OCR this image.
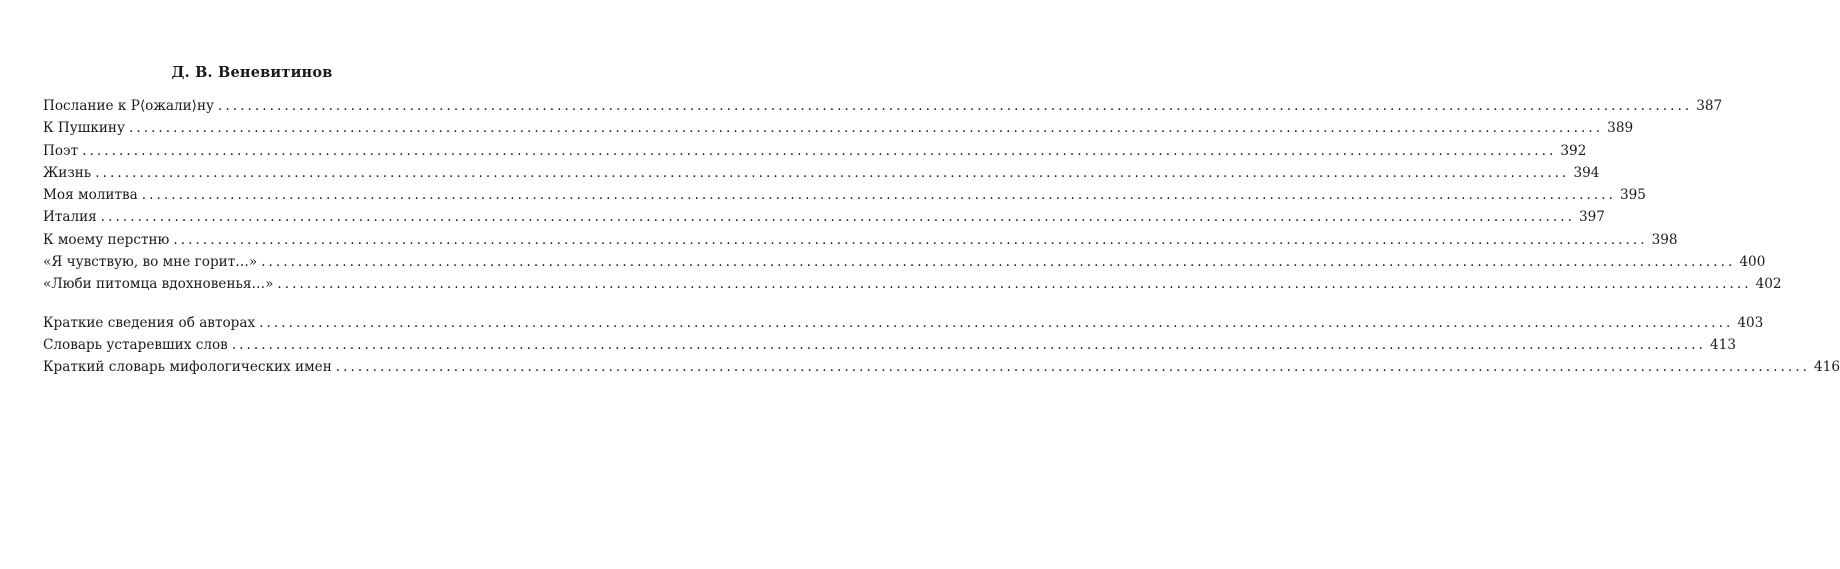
Д. В. Веневитинов
Послание к Р⟨ожали⟩ну ........................................................................................................................................................................................................ 387
К Пушкину ........................................................................................................................................................................................................ 389
Поэт ........................................................................................................................................................................................................ 392
Жизнь ........................................................................................................................................................................................................ 394
Моя молитва ........................................................................................................................................................................................................ 395
Италия ........................................................................................................................................................................................................ 397
К моему перстню ........................................................................................................................................................................................................ 398
«Я чувствую, во мне горит…» ........................................................................................................................................................................................................ 400
«Люби питомца вдохновенья…» ........................................................................................................................................................................................................ 402
Краткие сведения об авторах ........................................................................................................................................................................................................ 403
Словарь устаревших слов ........................................................................................................................................................................................................ 413
Краткий словарь мифологических имен ........................................................................................................................................................................................................ 416
